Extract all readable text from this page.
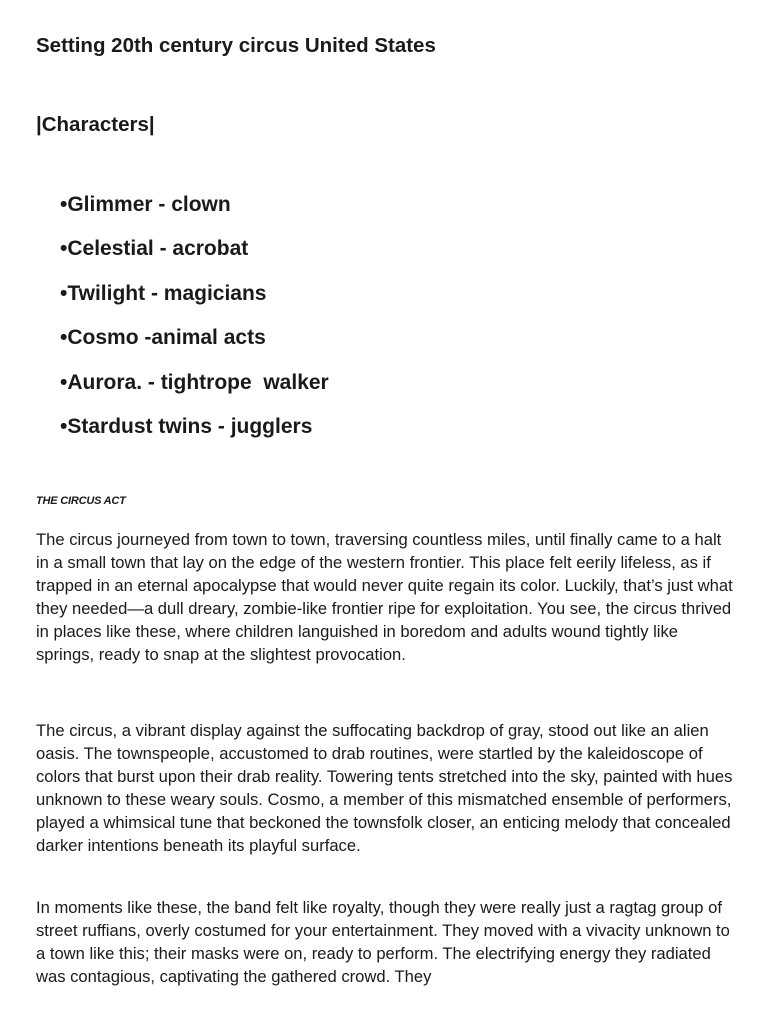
Setting 20th century circus United States
|Characters|
•Glimmer - clown
•Celestial - acrobat
•Twilight - magicians
•Cosmo -animal acts
•Aurora. - tightrope  walker
•Stardust twins - jugglers
THE CIRCUS ACT

The circus journeyed from town to town, traversing countless miles, until finally came to a halt in a small town that lay on the edge of the western frontier. This place felt eerily lifeless, as if trapped in an eternal apocalypse that would never quite regain its color. Luckily, that’s just what they needed—a dull dreary, zombie-like frontier ripe for exploitation. You see, the circus thrived in places like these, where children languished in boredom and adults wound tightly like springs, ready to snap at the slightest provocation.

The circus, a vibrant display against the suffocating backdrop of gray, stood out like an alien oasis. The townspeople, accustomed to drab routines, were startled by the kaleidoscope of colors that burst upon their drab reality. Towering tents stretched into the sky, painted with hues unknown to these weary souls. Cosmo, a member of this mismatched ensemble of performers, played a whimsical tune that beckoned the townsfolk closer, an enticing melody that concealed darker intentions beneath its playful surface.

In moments like these, the band felt like royalty, though they were really just a ragtag group of street ruffians, overly costumed for your entertainment. They moved with a vivacity unknown to a town like this; their masks were on, ready to perform. The electrifying energy they radiated was contagious, captivating the gathered crowd. They
